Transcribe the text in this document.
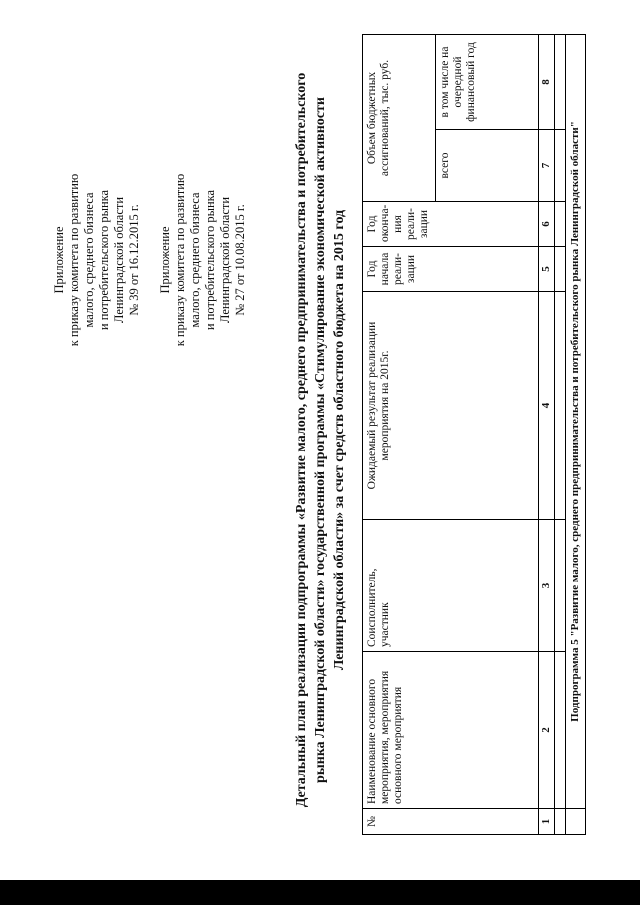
Приложение к приказу комитета по развитию малого, среднего бизнеса и потребительского рынка Ленинградской области № 39 от 16.12.2015 г. Приложение к приказу комитета по развитию малого, среднего бизнеса и потребительского рынка Ленинградской области № 27 от 10.08.2015 г.	Детальный план реализации подпрограммы «Развитие малого, среднего предпринимательства и потребительского рынка Ленинградской области» государственной программы «Стимулирование экономической активности Ленинградской области» за счет средств областного бюджета на 2015 год
№	Наименование основного мероприятия, мероприятия основного мероприятия	Соисполнитель, участник	Ожидаемый результат реализации мероприятия на 2015г.	Год начала реали-зации	Год оконча-ния реали-зации	Объем бюджетных ассигнований, тыс. руб.	
						всего	в том числе на очередной финансовый год
1	2	3	4	5	6	7	8

	Подпрограмма 5 "Развитие малого, среднего предпринимательства и потребительского рынка Ленинградской области"						
